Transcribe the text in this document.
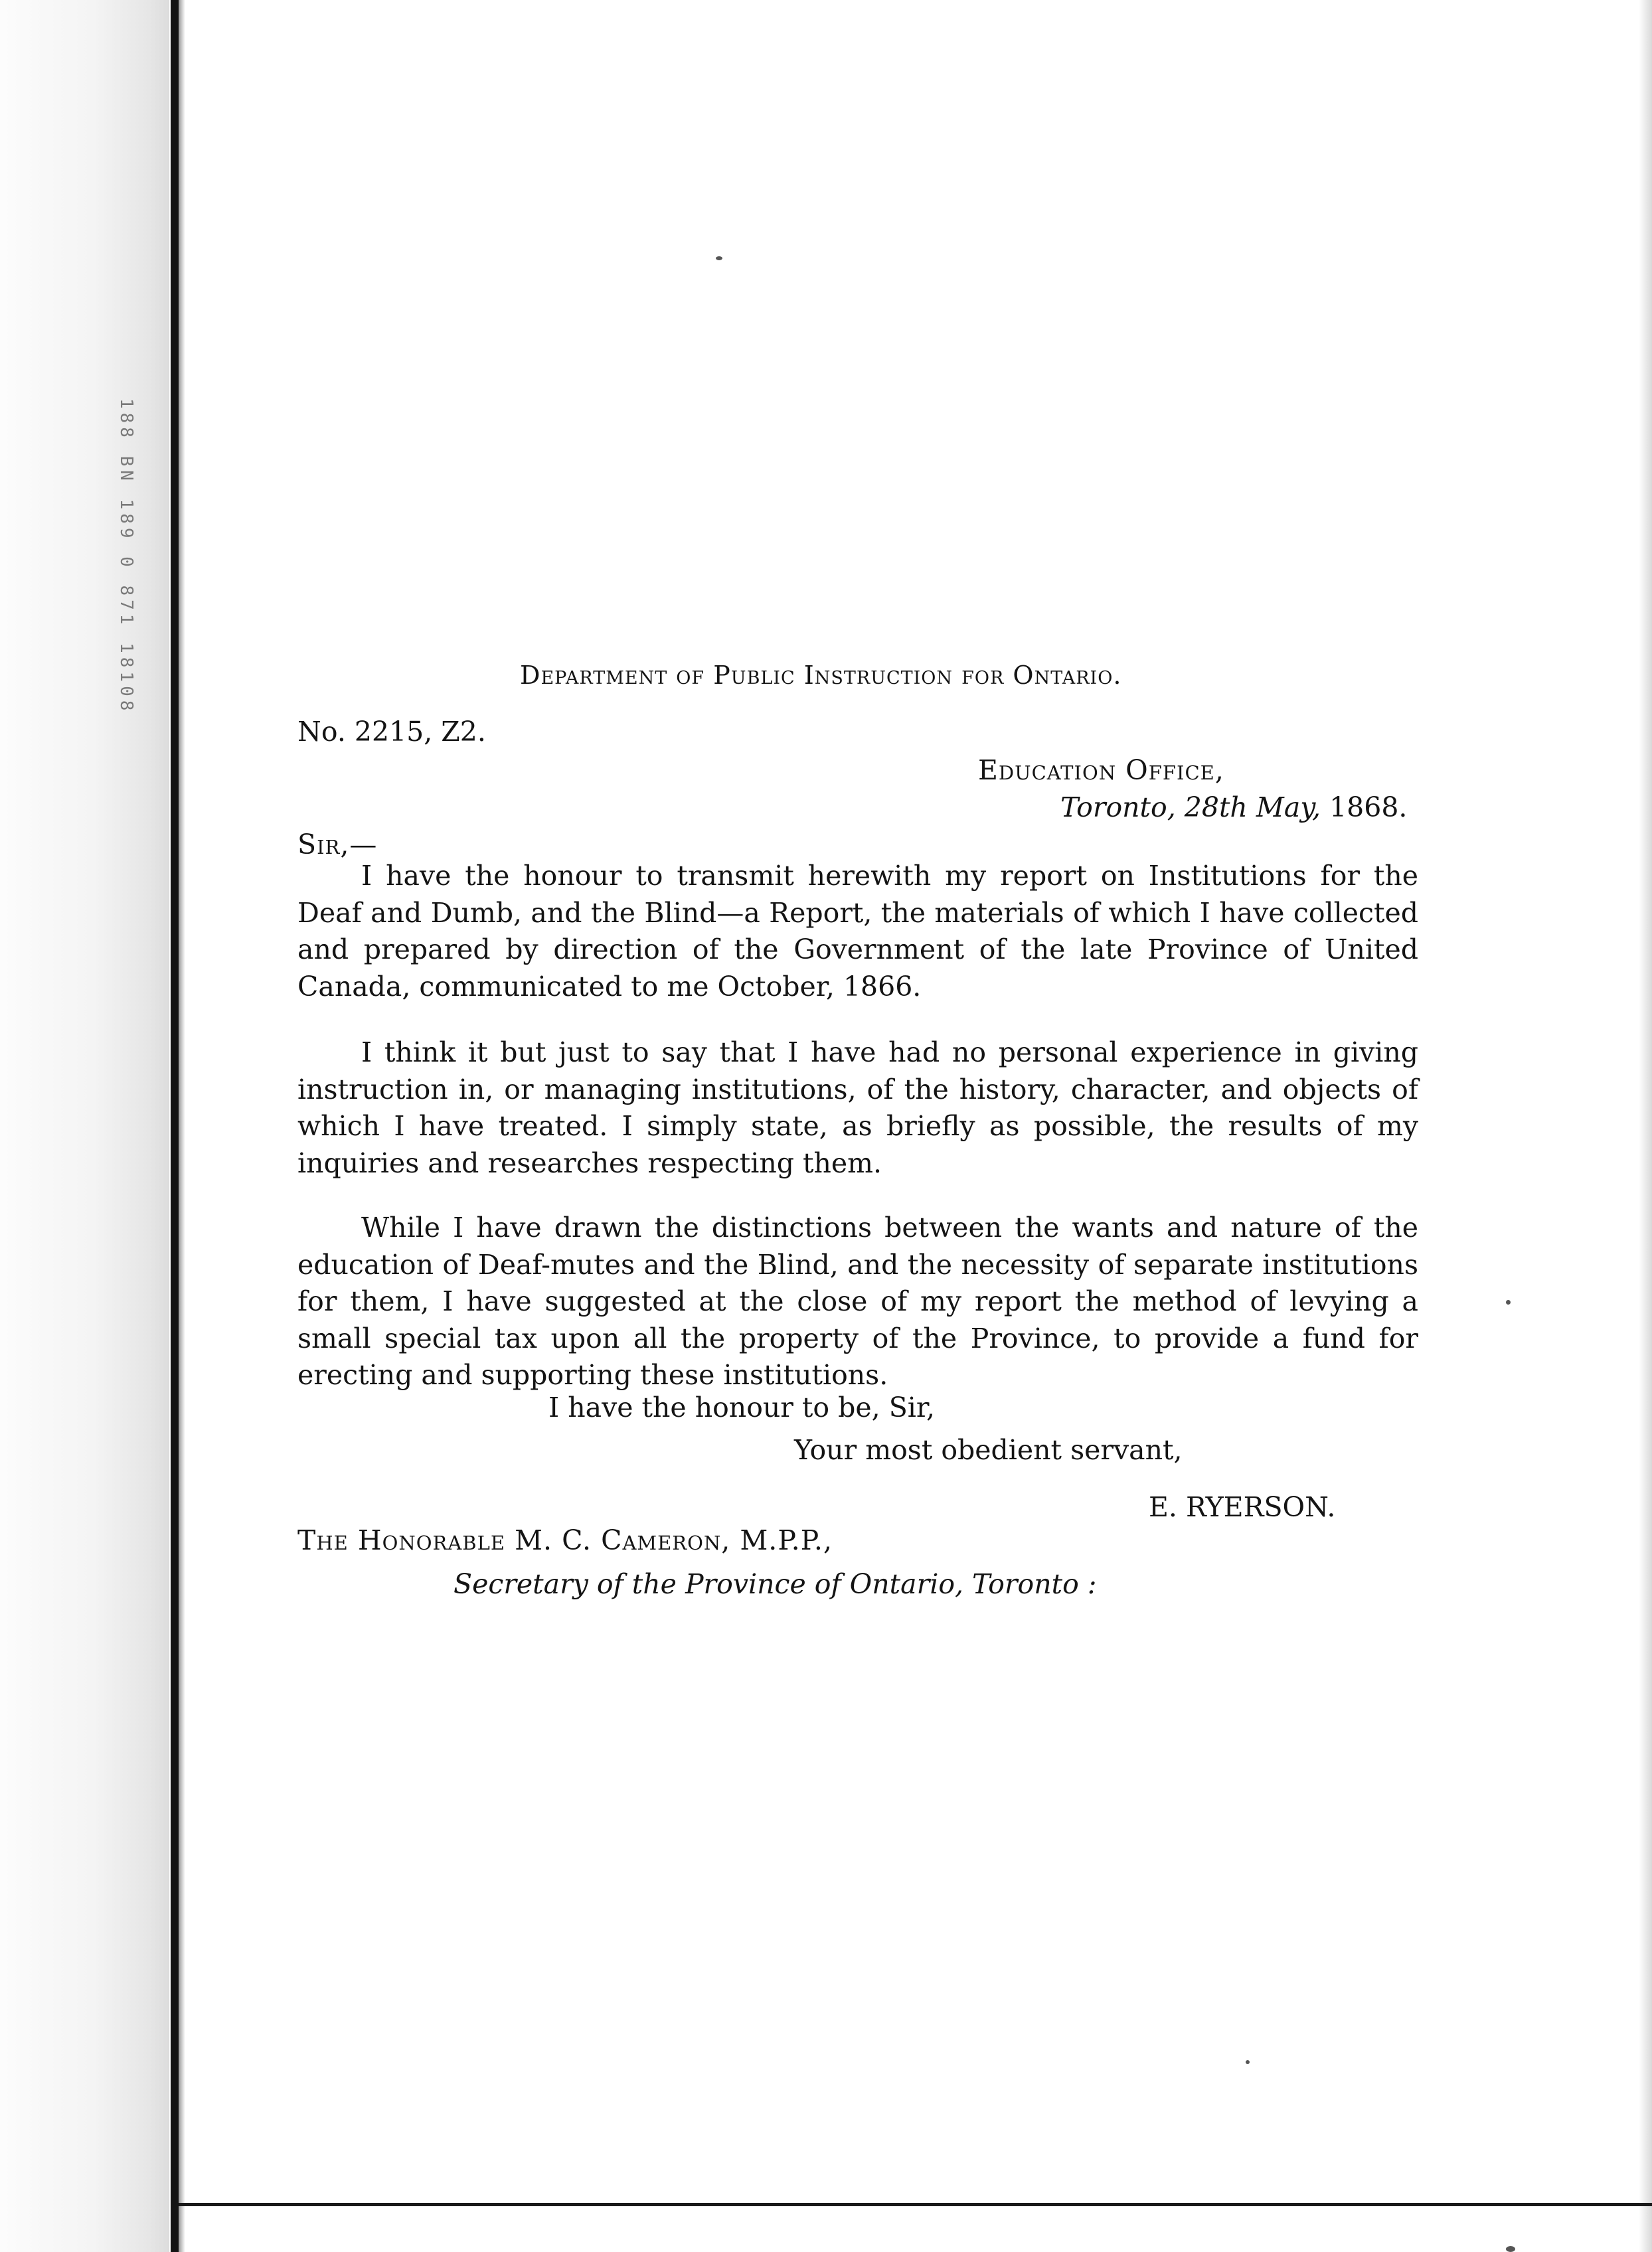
188 BN 189 0 871 18108	Department of Public Instruction for Ontario.
No. 2215, Z2.
Education Office,
Toronto, 28th May, 1868.
Sir,—
I have the honour to transmit herewith my report on Institutions for the Deaf and Dumb, and the Blind—a Report, the materials of which I have collected and prepared by direction of the Government of the late Province of United Canada, communicated to me October, 1866.
I think it but just to say that I have had no personal experience in giving instruction in, or managing institutions, of the history, character, and objects of which I have treated. I simply state, as briefly as possible, the results of my inquiries and researches respecting them.
While I have drawn the distinctions between the wants and nature of the education of Deaf-mutes and the Blind, and the necessity of separate institutions for them, I have suggested at the close of my report the method of levying a small special tax upon all the property of the Province, to provide a fund for erecting and supporting these institutions.
I have the honour to be, Sir,
Your most obedient servant,
E. RYERSON.
The Honorable M. C. Cameron, M.P.P.,
Secretary of the Province of Ontario, Toronto :
